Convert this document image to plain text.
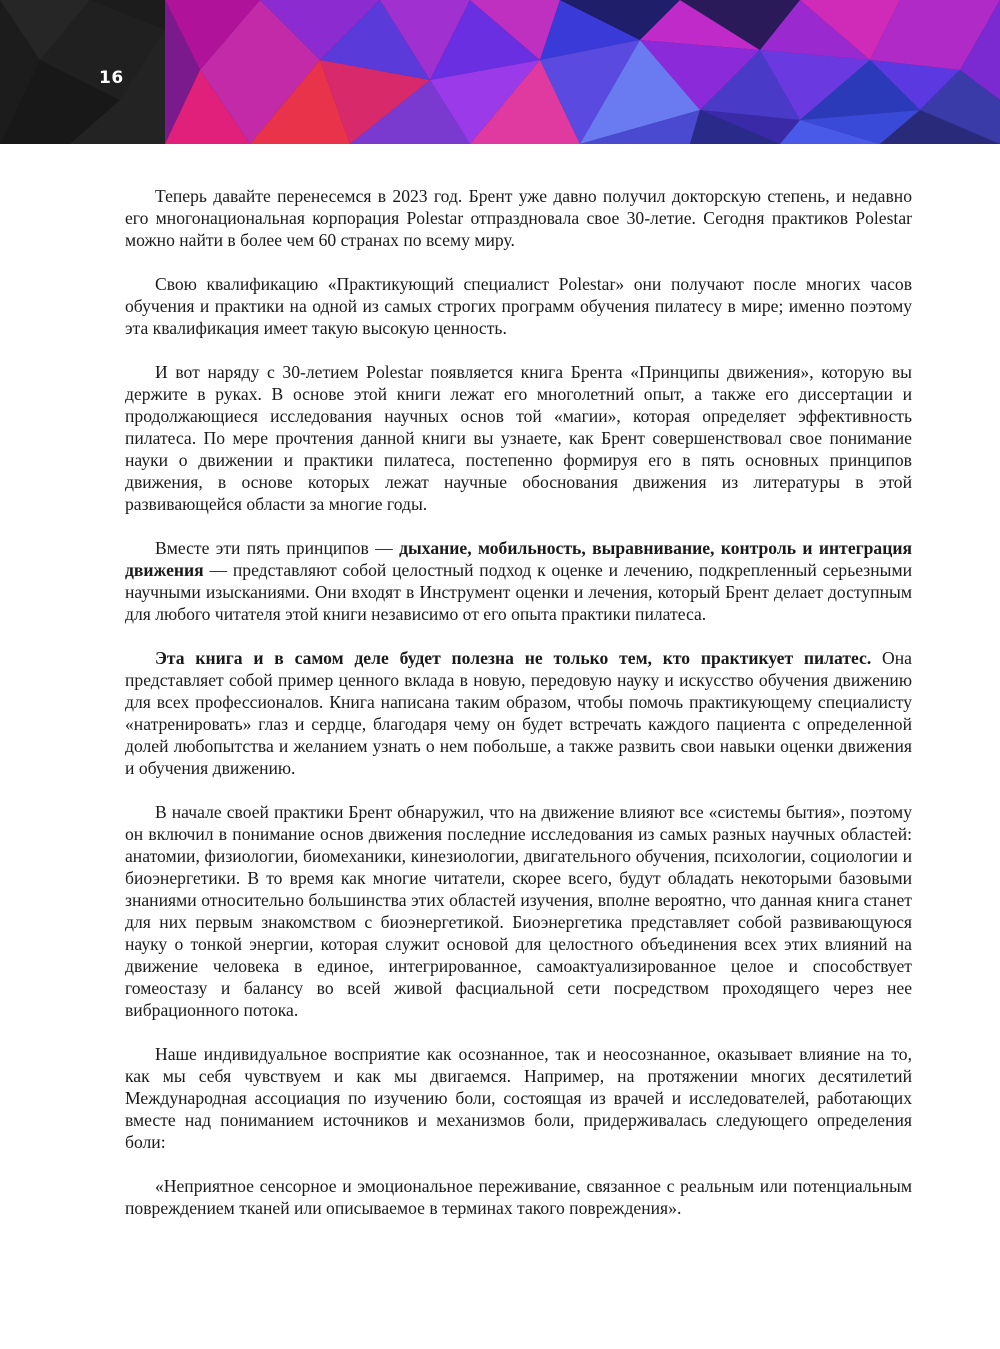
16

Теперь давайте перенесемся в 2023 год. Брент уже давно получил докторскую степень, и недавно его многонациональная корпорация Polestar отпраздновала свое 30-летие. Сегодня практиков Polestar можно найти в более чем 60 странах по всему миру.

Свою квалификацию «Практикующий специалист Polestar» они получают после многих часов обучения и практики на одной из самых строгих программ обучения пилатесу в мире; именно поэтому эта квалификация имеет такую высокую ценность.

И вот наряду с 30-летием Polestar появляется книга Брента «Принципы движения», которую вы держите в руках. В основе этой книги лежат его многолетний опыт, а также его диссертации и продолжающиеся исследования научных основ той «магии», которая определяет эффективность пилатеса. По мере прочтения данной книги вы узнаете, как Брент совершенствовал свое понимание науки о движении и практики пилатеса, постепенно формируя его в пять основных принципов движения, в основе которых лежат научные обоснования движения из литературы в этой развивающейся области за многие годы.

Вместе эти пять принципов — дыхание, мобильность, выравнивание, контроль и интеграция движения — представляют собой целостный подход к оценке и лечению, подкрепленный серьезными научными изысканиями. Они входят в Инструмент оценки и лечения, который Брент делает доступным для любого читателя этой книги независимо от его опыта практики пилатеса.

Эта книга и в самом деле будет полезна не только тем, кто практикует пилатес. Она представляет собой пример ценного вклада в новую, передовую науку и искусство обучения движению для всех профессионалов. Книга написана таким образом, чтобы помочь практикующему специалисту «натренировать» глаз и сердце, благодаря чему он будет встречать каждого пациента с определенной долей любопытства и желанием узнать о нем побольше, а также развить свои навыки оценки движения и обучения движению.

В начале своей практики Брент обнаружил, что на движение влияют все «системы бытия», поэтому он включил в понимание основ движения последние исследования из самых разных научных областей: анатомии, физиологии, биомеханики, кинезиологии, двигательного обучения, психологии, социологии и биоэнергетики. В то время как многие читатели, скорее всего, будут обладать некоторыми базовыми знаниями относительно большинства этих областей изучения, вполне вероятно, что данная книга станет для них первым знакомством с биоэнергетикой. Биоэнергетика представляет собой развивающуюся науку о тонкой энергии, которая служит основой для целостного объединения всех этих влияний на движение человека в единое, интегрированное, самоактуализированное целое и способствует гомеостазу и балансу во всей живой фасциальной сети посредством проходящего через нее вибрационного потока.

Наше индивидуальное восприятие как осознанное, так и неосознанное, оказывает влияние на то, как мы себя чувствуем и как мы двигаемся. Например, на протяжении многих десятилетий Международная ассоциация по изучению боли, состоящая из врачей и исследователей, работающих вместе над пониманием источников и механизмов боли, придерживалась следующего определения боли:

«Неприятное сенсорное и эмоциональное переживание, связанное с реальным или потенциальным повреждением тканей или описываемое в терминах такого повреждения».
